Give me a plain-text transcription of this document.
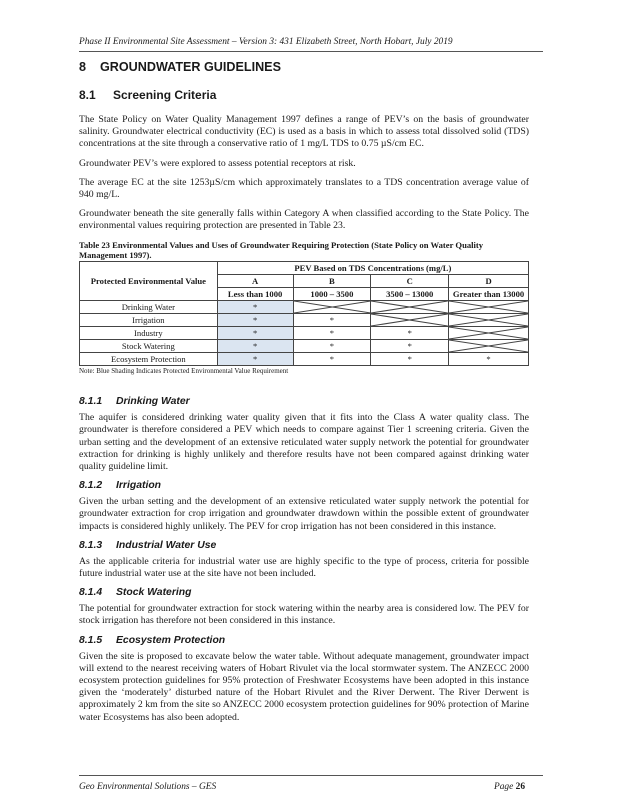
Phase II Environmental Site Assessment – Version 3: 431 Elizabeth Street, North Hobart, July 2019
8 GROUNDWATER GUIDELINES
8.1 Screening Criteria

The State Policy on Water Quality Management 1997 defines a range of PEV’s on the basis of groundwater salinity. Groundwater electrical conductivity (EC) is used as a basis in which to assess total dissolved solid (TDS) concentrations at the site through a conservative ratio of 1 mg/L TDS to 0.75 µS/cm EC.

Groundwater PEV’s were explored to assess potential receptors at risk.

The average EC at the site 1253µS/cm which approximately translates to a TDS concentration average value of 940 mg/L.

Groundwater beneath the site generally falls within Category A when classified according to the State Policy. The environmental values requiring protection are presented in Table 23.

Table 23 Environmental Values and Uses of Groundwater Requiring Protection (State Policy on Water Quality Management 1997).
Protected Environmental Value	PEV Based on TDS Concentrations (mg/L)			
	A	B	C	D
	Less than 1000	1000 – 3500	3500 – 13000	Greater than 13000
Drinking Water	*	

Irrigation	*	*	

Industry	*	*	*	

Stock Watering	*	*	*	

Ecosystem Protection	*	*	*	*
Note: Blue Shading Indicates Protected Environmental Value Requirement
8.1.1 Drinking Water

The aquifer is considered drinking water quality given that it fits into the Class A water quality class. The groundwater is therefore considered a PEV which needs to compare against Tier 1 screening criteria. Given the urban setting and the development of an extensive reticulated water supply network the potential for groundwater extraction for drinking is highly unlikely and therefore results have not been compared against drinking water quality guideline limit.

8.1.2 Irrigation

Given the urban setting and the development of an extensive reticulated water supply network the potential for groundwater extraction for crop irrigation and groundwater drawdown within the possible extent of groundwater impacts is considered highly unlikely. The PEV for crop irrigation has not been considered in this instance.

8.1.3 Industrial Water Use

As the applicable criteria for industrial water use are highly specific to the type of process, criteria for possible future industrial water use at the site have not been included.

8.1.4 Stock Watering

The potential for groundwater extraction for stock watering within the nearby area is considered low. The PEV for stock irrigation has therefore not been considered in this instance.

8.1.5 Ecosystem Protection

Given the site is proposed to excavate below the water table. Without adequate management, groundwater impact will extend to the nearest receiving waters of Hobart Rivulet via the local stormwater system. The ANZECC 2000 ecosystem protection guidelines for 95% protection of Freshwater Ecosystems have been adopted in this instance given the ‘moderately’ disturbed nature of the Hobart Rivulet and the River Derwent. The River Derwent is approximately 2 km from the site so ANZECC 2000 ecosystem protection guidelines for 90% protection of Marine water Ecosystems has also been adopted.

Geo Environmental Solutions – GES	Page 26
